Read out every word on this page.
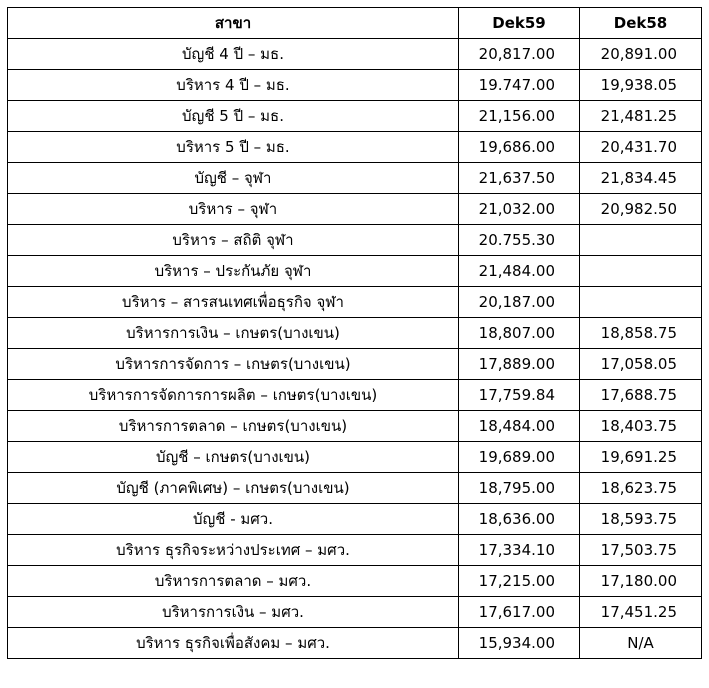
สาขา	Dek59	Dek58
บัญชี 4 ปี – มธ.	20,817.00	20,891.00
บริหาร 4 ปี – มธ.	19.747.00	19,938.05
บัญชี 5 ปี – มธ.	21,156.00	21,481.25
บริหาร 5 ปี – มธ.	19,686.00	20,431.70
บัญชี – จุฬา	21,637.50	21,834.45
บริหาร – จุฬา	21,032.00	20,982.50
บริหาร – สถิติ จุฬา	20.755.30	
บริหาร – ประกันภัย จุฬา	21,484.00	
บริหาร – สารสนเทศเพื่อธุรกิจ จุฬา	20,187.00	
บริหารการเงิน – เกษตร(บางเขน)	18,807.00	18,858.75
บริหารการจัดการ – เกษตร(บางเขน)	17,889.00	17,058.05
บริหารการจัดการการผลิต – เกษตร(บางเขน)	17,759.84	17,688.75
บริหารการตลาด – เกษตร(บางเขน)	18,484.00	18,403.75
บัญชี – เกษตร(บางเขน)	19,689.00	19,691.25
บัญชี (ภาคพิเศษ) – เกษตร(บางเขน)	18,795.00	18,623.75
บัญชี - มศว.	18,636.00	18,593.75
บริหาร ธุรกิจระหว่างประเทศ – มศว.	17,334.10	17,503.75
บริหารการตลาด – มศว.	17,215.00	17,180.00
บริหารการเงิน – มศว.	17,617.00	17,451.25
บริหาร ธุรกิจเพื่อสังคม – มศว.	15,934.00	N/A
